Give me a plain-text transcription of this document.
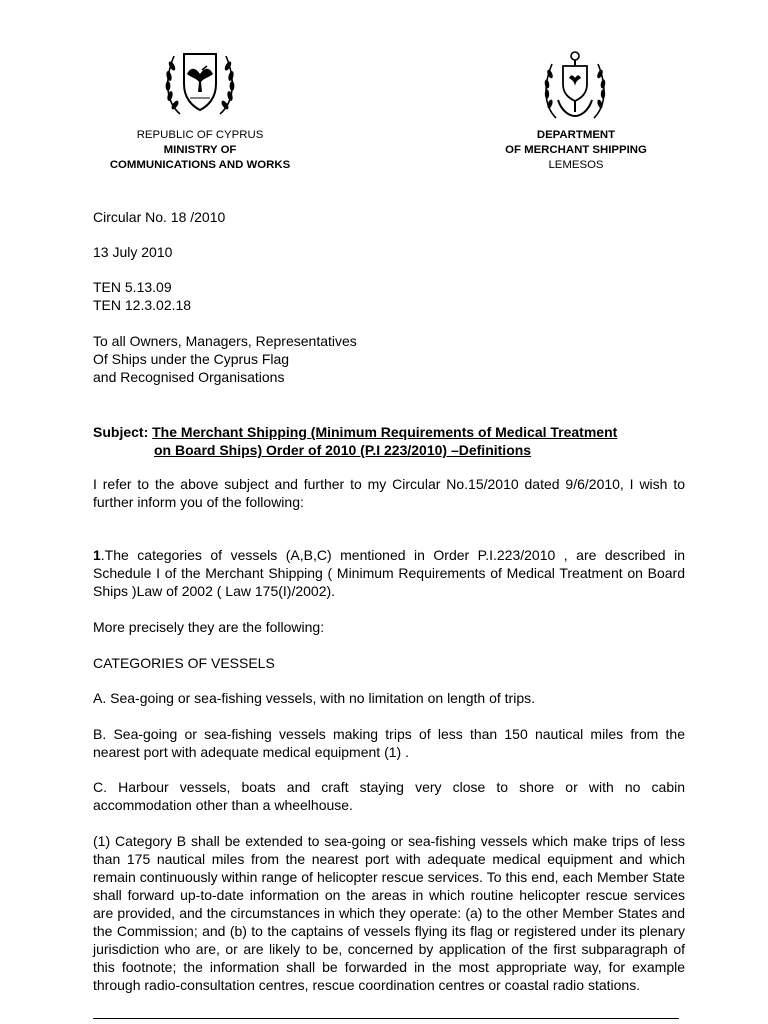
REPUBLIC OF CYPRUS
MINISTRY OF
COMMUNICATIONS AND WORKS
DEPARTMENT
OF MERCHANT SHIPPING
LEMESOS
Circular No. 18 /2010
13 July 2010
TEN 5.13.09
TEN 12.3.02.18
To all Owners, Managers, Representatives
Of Ships under the Cyprus Flag
and Recognised Organisations
Subject: The Merchant Shipping (Minimum Requirements of Medical Treatment
on Board Ships) Order of 2010 (P.I 223/2010) –Definitions
I refer to the above subject and further to my Circular No.15/2010 dated 9/6/2010, I wish to further inform you of the following:
1.The categories of vessels (A,B,C) mentioned in Order P.I.223/2010 , are described in Schedule I of the Merchant Shipping ( Minimum Requirements of Medical Treatment on Board Ships )Law of 2002 ( Law 175(I)/2002).
More precisely they are the following:
CATEGORIES OF VESSELS
A. Sea-going or sea-fishing vessels, with no limitation on length of trips.
B. Sea-going or sea-fishing vessels making trips of less than 150 nautical miles from the nearest port with adequate medical equipment (1) .
C. Harbour vessels, boats and craft staying very close to shore or with no cabin accommodation other than a wheelhouse.
(1) Category B shall be extended to sea-going or sea-fishing vessels which make trips of less than 175 nautical miles from the nearest port with adequate medical equipment and which remain continuously within range of helicopter rescue services. To this end, each Member State shall forward up-to-date information on the areas in which routine helicopter rescue services are provided, and the circumstances in which they operate: (a) to the other Member States and the Commission; and (b) to the captains of vessels flying its flag or registered under its plenary jurisdiction who are, or are likely to be, concerned by application of the first subparagraph of this footnote; the information shall be forwarded in the most appropriate way, for example through radio-consultation centres, rescue coordination centres or coastal radio stations.
